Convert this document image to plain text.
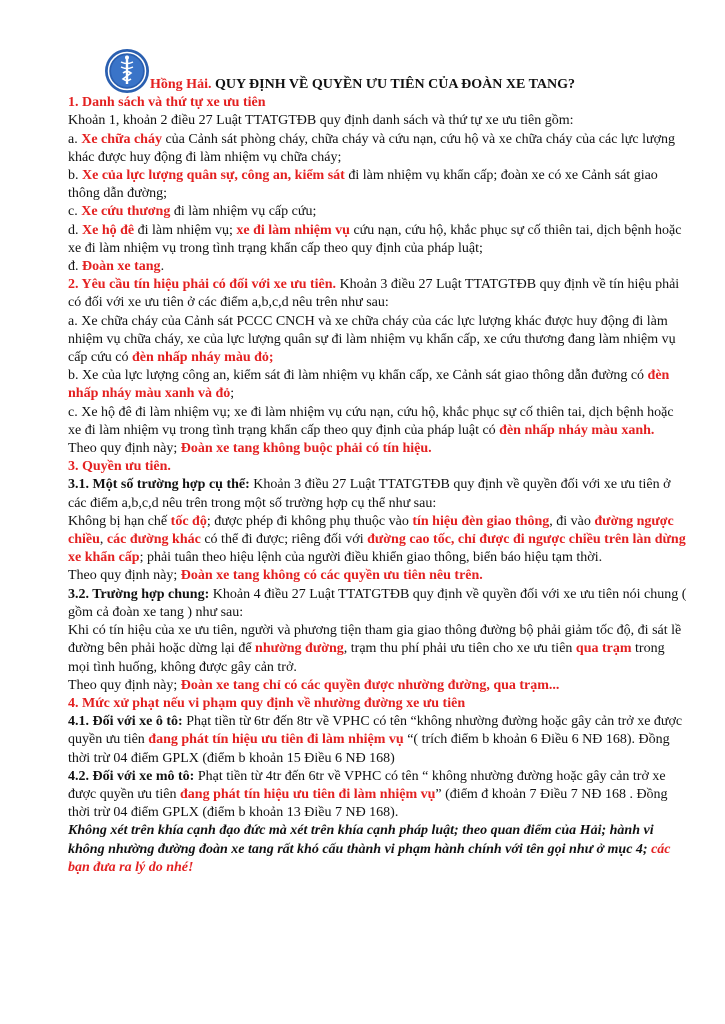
Hồng Hải. QUY ĐỊNH VỀ QUYỀN ƯU TIÊN CỦA ĐOÀN XE TANG?

1. Danh sách và thứ tự xe ưu tiên

Khoản 1, khoản 2 điều 27 Luật TTATGTĐB quy định danh sách và thứ tự xe ưu tiên gồm:

a. Xe chữa cháy của Cảnh sát phòng cháy, chữa cháy và cứu nạn, cứu hộ và xe chữa cháy của các lực lượng khác được huy động đi làm nhiệm vụ chữa cháy;

b. Xe của lực lượng quân sự, công an, kiểm sát đi làm nhiệm vụ khẩn cấp; đoàn xe có xe Cảnh sát giao thông dẫn đường;

c. Xe cứu thương đi làm nhiệm vụ cấp cứu;

d. Xe hộ đê đi làm nhiệm vụ; xe đi làm nhiệm vụ cứu nạn, cứu hộ, khắc phục sự cố thiên tai, dịch bệnh hoặc xe đi làm nhiệm vụ trong tình trạng khẩn cấp theo quy định của pháp luật;

đ. Đoàn xe tang.

2. Yêu cầu tín hiệu phải có đối với xe ưu tiên. Khoản 3 điều 27 Luật TTATGTĐB quy định về tín hiệu phải có đối với xe ưu tiên ở các điểm a,b,c,d nêu trên như sau:

a. Xe chữa cháy của Cảnh sát PCCC CNCH và xe chữa cháy của các lực lượng khác được huy động đi làm nhiệm vụ chữa cháy, xe của lực lượng quân sự đi làm nhiệm vụ khẩn cấp, xe cứu thương đang làm nhiệm vụ cấp cứu có đèn nhấp nháy màu đỏ;

b. Xe của lực lượng công an, kiểm sát đi làm nhiệm vụ khẩn cấp, xe Cảnh sát giao thông dẫn đường có đèn nhấp nháy màu xanh và đỏ;

c. Xe hộ đê đi làm nhiệm vụ; xe đi làm nhiệm vụ cứu nạn, cứu hộ, khắc phục sự cố thiên tai, dịch bệnh hoặc xe đi làm nhiệm vụ trong tình trạng khẩn cấp theo quy định của pháp luật có đèn nhấp nháy màu xanh.

Theo quy định này; Đoàn xe tang không buộc phải có tín hiệu.

3. Quyền ưu tiên.

3.1. Một số trường hợp cụ thể: Khoản 3 điều 27 Luật TTATGTĐB quy định về quyền đối với xe ưu tiên ở các điểm a,b,c,d nêu trên trong một số trường hợp cụ thể như sau:

Không bị hạn chế tốc độ; được phép đi không phụ thuộc vào tín hiệu đèn giao thông, đi vào đường ngược chiều, các đường khác có thể đi được; riêng đối với đường cao tốc, chỉ được đi ngược chiều trên làn dừng xe khẩn cấp; phải tuân theo hiệu lệnh của người điều khiển giao thông, biển báo hiệu tạm thời.

Theo quy định này; Đoàn xe tang không có các quyền ưu tiên nêu trên.

3.2. Trường hợp chung: Khoản 4 điều 27 Luật TTATGTĐB quy định về quyền đối với xe ưu tiên nói chung ( gồm cả đoàn xe tang ) như sau:

Khi có tín hiệu của xe ưu tiên, người và phương tiện tham gia giao thông đường bộ phải giảm tốc độ, đi sát lề đường bên phải hoặc dừng lại để nhường đường, trạm thu phí phải ưu tiên cho xe ưu tiên qua trạm trong mọi tình huống, không được gây cản trở.

Theo quy định này; Đoàn xe tang chỉ có các quyền được nhường đường, qua trạm...

4. Mức xử phạt nếu vi phạm quy định về nhường đường xe ưu tiên

4.1. Đối với xe ô tô: Phạt tiền từ 6tr đến 8tr về VPHC có tên “không nhường đường hoặc gây cản trở xe được quyền ưu tiên đang phát tín hiệu ưu tiên đi làm nhiệm vụ “( trích điểm b khoản 6 Điều 6 NĐ 168). Đồng thời trừ 04 điểm GPLX (điểm b khoản 15 Điều 6 NĐ 168)

4.2. Đối với xe mô tô: Phạt tiền từ 4tr đến 6tr về VPHC có tên “ không nhường đường hoặc gây cản trở xe được quyền ưu tiên đang phát tín hiệu ưu tiên đi làm nhiệm vụ” (điểm đ khoản 7 Điều 7 NĐ 168 . Đồng thời trừ 04 điểm GPLX (điểm b khoản 13 Điều 7 NĐ 168).

Không xét trên khía cạnh đạo đức mà xét trên khía cạnh pháp luật; theo quan điểm của Hải; hành vi không nhường đường đoàn xe tang rất khó cấu thành vi phạm hành chính với tên gọi như ở mục 4; các bạn đưa ra lý do nhé!
